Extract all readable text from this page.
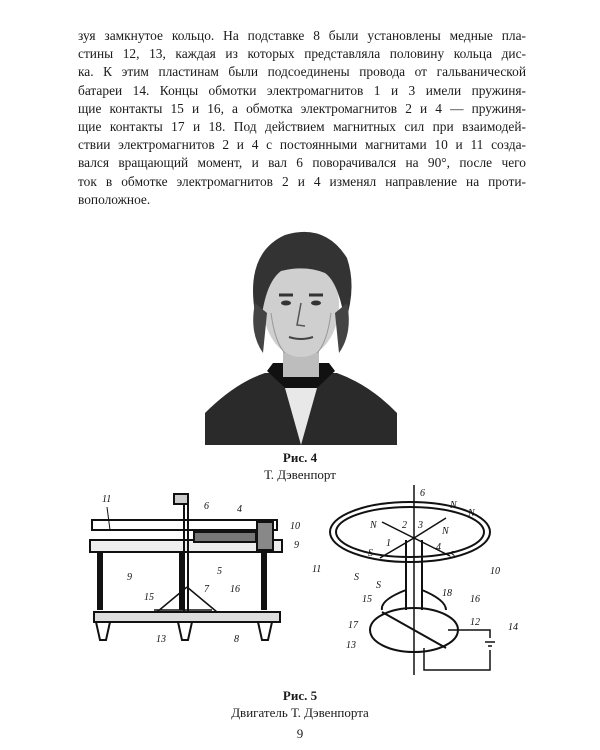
зуя замкнутое кольцо. На подставке 8 были установлены медные пла-
стины 12, 13, каждая из которых представляла половину кольца дис-
ка. К этим пластинам были подсоединены провода от гальванической
батареи 14. Концы обмотки электромагнитов 1 и 3 имели пружиня-
щие контакты 15 и 16, а обмотка электромагнитов 2 и 4 — пружиня-
щие контакты 17 и 18. Под действием магнитных сил при взаимодей-
ствии электромагнитов 2 и 4 с постоянными магнитами 10 и 11 созда-
вался вращающий момент, и вал 6 поворачивался на 90°, после чего
ток в обмотке электромагнитов 2 и 4 изменял направление на проти-
воположное.
Рис. 4
Т. Дэвенпорт
11
6	4
10
9
9
5
15
7 16
13	8
6
N
N
N	2 3
N
1	4
S	S
11	10
S
S
15
18
16
17	12	14
13
Рис. 5
Двигатель Т. Дэвенпорта
9
